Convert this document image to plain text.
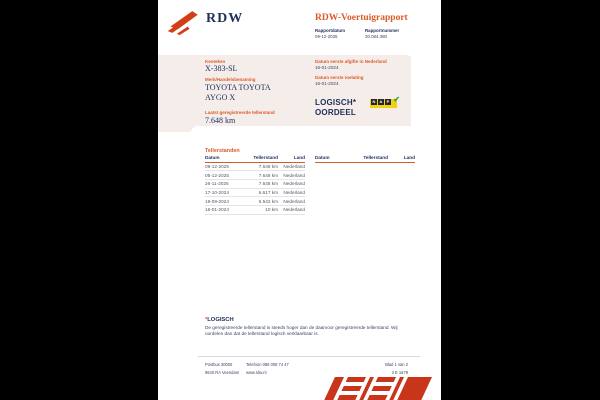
RDW	RDW-Voertuigrapport
Rapportdatum
09-12-2025
Rapportnummer
30.084.380
Kenteken
X-383-SL
Merk/Handelsbenaming
TOYOTA TOYOTA
AYGO X
Laatst geregistreerde tellerstand
7.648 km
Datum eerste afgifte in Nederland
16-01-2024
Datum eerste toelating
16-01-2024
LOGISCH*
OORDEEL
N	A	P ✔
Tellerstanden
Datum	Tellerstand	Land
09-12-2025	7.648 km	Nederland
05-12-2025	7.648 km	Nederland
26-11-2025	7.648 km	Nederland
17-10-2024	6.617 km	Nederland
19-09-2024	6.542 km	Nederland
16-01-2024	10 km	Nederland
Datum	Tellerstand	Land
*LOGISCH
De geregistreerde tellerstand is steeds hoger dan de daarvoor geregistreerde tellerstand. Wij oordelen dan dat de tellerstand logisch verklaarbaar is.
Postbus 30000
9640 RA Veendam
Telefoon 088 008 74 47
www.rdw.nl
Blad 1 van 2
3 E 1679
